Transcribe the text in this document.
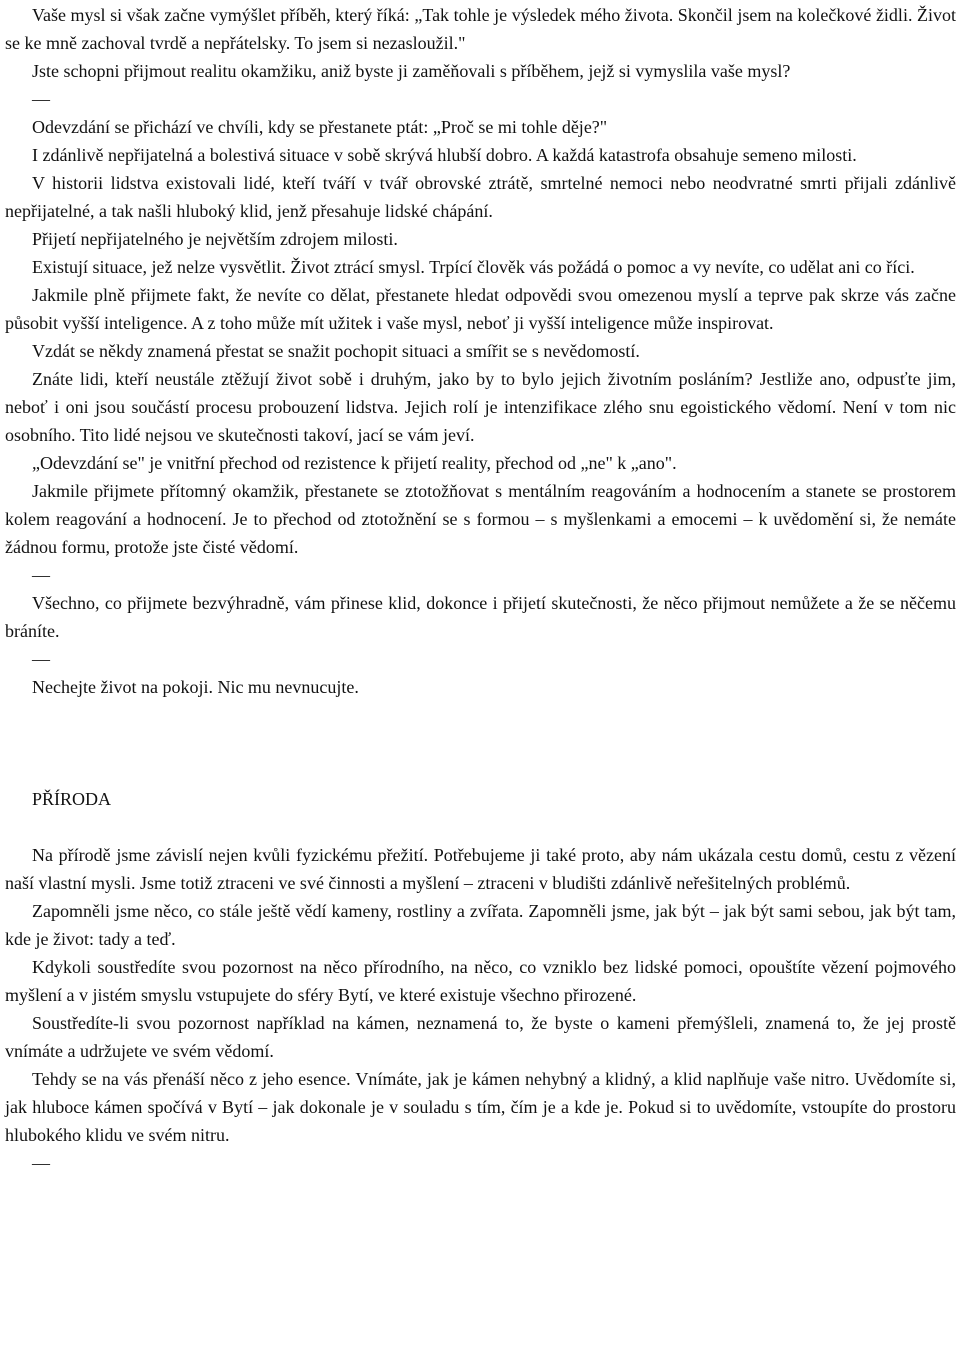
Vaše mysl si však začne vymýšlet příběh, který říká: „Tak tohle je výsledek mého života. Skončil jsem na kolečkové židli. Život se ke mně zachoval tvrdě a nepřátelsky. To jsem si nezasloužil."

Jste schopni přijmout realitu okamžiku, aniž byste ji zaměňovali s příběhem, jejž si vymyslila vaše mysl?

—

Odevzdání se přichází ve chvíli, kdy se přestanete ptát: „Proč se mi tohle děje?"

I zdánlivě nepřijatelná a bolestivá situace v sobě skrývá hlubší dobro. A každá katastrofa obsahuje semeno milosti.

V historii lidstva existovali lidé, kteří tváří v tvář obrovské ztrátě, smrtelné nemoci nebo neodvratné smrti přijali zdánlivě nepřijatelné, a tak našli hluboký klid, jenž přesahuje lidské chápání.

Přijetí nepřijatelného je největším zdrojem milosti.

Existují situace, jež nelze vysvětlit. Život ztrácí smysl. Trpící člověk vás požádá o pomoc a vy nevíte, co udělat ani co říci.

Jakmile plně přijmete fakt, že nevíte co dělat, přestanete hledat odpovědi svou omezenou myslí a teprve pak skrze vás začne působit vyšší inteligence. A z toho může mít užitek i vaše mysl, neboť ji vyšší inteligence může inspirovat.

Vzdát se někdy znamená přestat se snažit pochopit situaci a smířit se s nevědomostí.

Znáte lidi, kteří neustále ztěžují život sobě i druhým, jako by to bylo jejich životním posláním? Jestliže ano, odpusťte jim, neboť i oni jsou součástí procesu probouzení lidstva. Jejich rolí je intenzifikace zlého snu egoistického vědomí. Není v tom nic osobního. Tito lidé nejsou ve skutečnosti takoví, jací se vám jeví.

„Odevzdání se" je vnitřní přechod od rezistence k přijetí reality, přechod od „ne" k „ano".

Jakmile přijmete přítomný okamžik, přestanete se ztotožňovat s mentálním reagováním a hodnocením a stanete se prostorem kolem reagování a hodnocení. Je to přechod od ztotožnění se s formou – s myšlenkami a emocemi – k uvědomění si, že nemáte žádnou formu, protože jste čisté vědomí.

—

Všechno, co přijmete bezvýhradně, vám přinese klid, dokonce i přijetí skutečnosti, že něco přijmout nemůžete a že se něčemu bráníte.

—

Nechejte život na pokoji. Nic mu nevnucujte.

PŘÍRODA

Na přírodě jsme závislí nejen kvůli fyzickému přežití. Potřebujeme ji také proto, aby nám ukázala cestu domů, cestu z vězení naší vlastní mysli. Jsme totiž ztraceni ve své činnosti a myšlení – ztraceni v bludišti zdánlivě neřešitelných problémů.

Zapomněli jsme něco, co stále ještě vědí kameny, rostliny a zvířata. Zapomněli jsme, jak být – jak být sami sebou, jak být tam, kde je život: tady a teď.

Kdykoli soustředíte svou pozornost na něco přírodního, na něco, co vzniklo bez lidské pomoci, opouštíte vězení pojmového myšlení a v jistém smyslu vstupujete do sféry Bytí, ve které existuje všechno přirozené.

Soustředíte-li svou pozornost například na kámen, neznamená to, že byste o kameni přemýšleli, znamená to, že jej prostě vnímáte a udržujete ve svém vědomí.

Tehdy se na vás přenáší něco z jeho esence. Vnímáte, jak je kámen nehybný a klidný, a klid naplňuje vaše nitro. Uvědomíte si, jak hluboce kámen spočívá v Bytí – jak dokonale je v souladu s tím, čím je a kde je. Pokud si to uvědomíte, vstoupíte do prostoru hlubokého klidu ve svém nitru.

—
